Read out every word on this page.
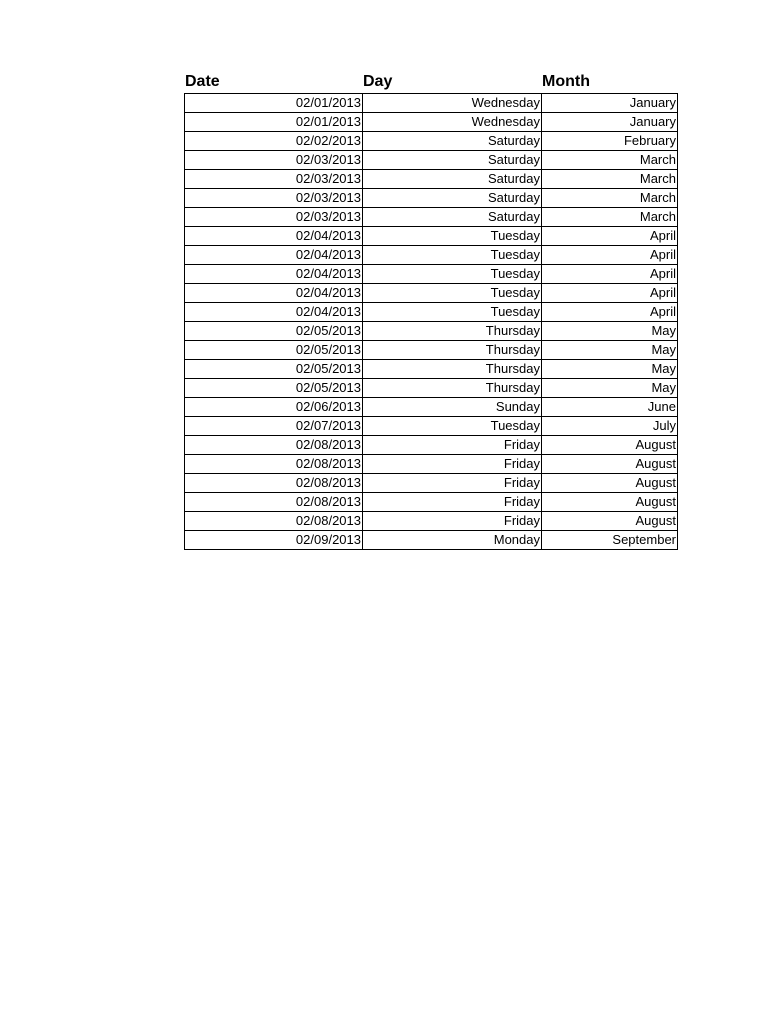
Date	Day	Month
02/01/2013	Wednesday	January
02/01/2013	Wednesday	January
02/02/2013	Saturday	February
02/03/2013	Saturday	March
02/03/2013	Saturday	March
02/03/2013	Saturday	March
02/03/2013	Saturday	March
02/04/2013	Tuesday	April
02/04/2013	Tuesday	April
02/04/2013	Tuesday	April
02/04/2013	Tuesday	April
02/04/2013	Tuesday	April
02/05/2013	Thursday	May
02/05/2013	Thursday	May
02/05/2013	Thursday	May
02/05/2013	Thursday	May
02/06/2013	Sunday	June
02/07/2013	Tuesday	July
02/08/2013	Friday	August
02/08/2013	Friday	August
02/08/2013	Friday	August
02/08/2013	Friday	August
02/08/2013	Friday	August
02/09/2013	Monday	September
